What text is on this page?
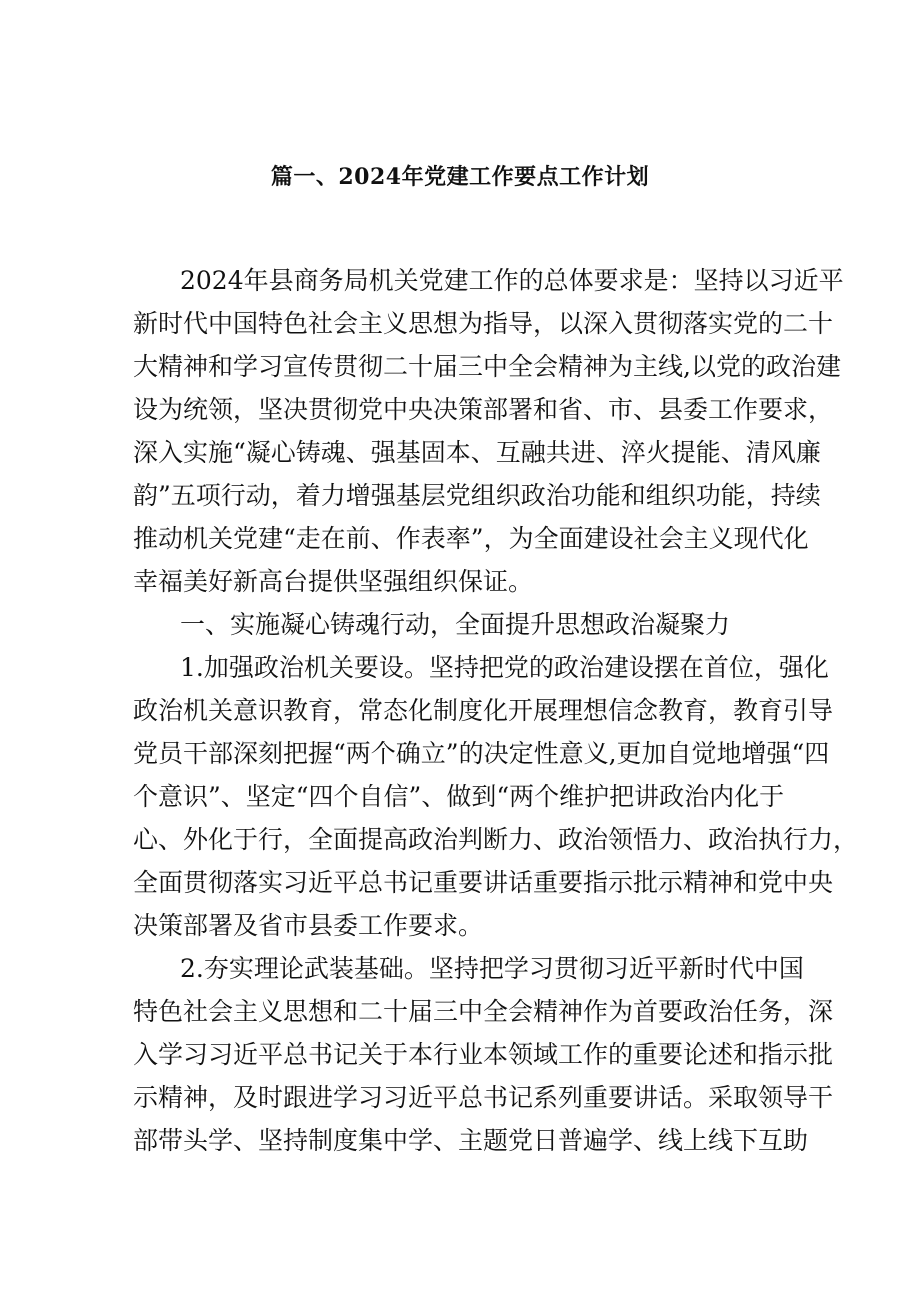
篇一、2024年党建工作要点工作计划
2024年县商务局机关党建工作的总体要求是：坚持以习近平
新时代中国特色社会主义思想为指导，以深入贯彻落实党的二十
大精神和学习宣传贯彻二十届三中全会精神为主线,以党的政治建
设为统领，坚决贯彻党中央决策部署和省、市、县委工作要求，
深入实施“凝心铸魂、强基固本、互融共进、淬火提能、清风廉
韵”五项行动，着力增强基层党组织政治功能和组织功能，持续
推动机关党建“走在前、作表率”，为全面建设社会主义现代化
幸福美好新高台提供坚强组织保证。
一、实施凝心铸魂行动，全面提升思想政治凝聚力
1.加强政治机关要设。坚持把党的政治建设摆在首位，强化
政治机关意识教育，常态化制度化开展理想信念教育，教育引导
党员干部深刻把握“两个确立”的决定性意义,更加自觉地增强“四
个意识”、坚定“四个自信”、做到“两个维护把讲政治内化于
心、外化于行，全面提高政治判断力、政治领悟力、政治执行力，
全面贯彻落实习近平总书记重要讲话重要指示批示精神和党中央
决策部署及省市县委工作要求。
2.夯实理论武装基础。坚持把学习贯彻习近平新时代中国
特色社会主义思想和二十届三中全会精神作为首要政治任务，深
入学习习近平总书记关于本行业本领域工作的重要论述和指示批
示精神，及时跟进学习习近平总书记系列重要讲话。采取领导干
部带头学、坚持制度集中学、主题党日普遍学、线上线下互助
